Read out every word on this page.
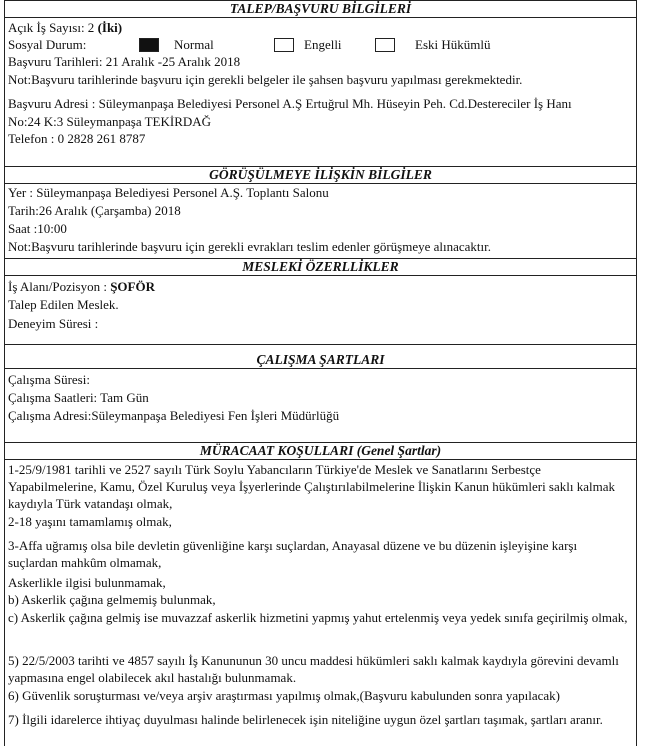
TALEP/BAŞVURU BİLGİLERİ
Açık İş Sayısı: 2 (İki)
Sosyal Durum:	Normal	Engelli	Eski Hükümlü
Başvuru Tarihleri: 21 Aralık -25 Aralık 2018
Not:Başvuru tarihlerinde başvuru için gerekli belgeler ile şahsen başvuru yapılması gerekmektedir.
Başvuru Adresi : Süleymanpaşa Belediyesi Personel A.Ş Ertuğrul Mh. Hüseyin Peh. Cd.Destereciler İş Hanı
No:24 K:3 Süleymanpaşa TEKİRDAĞ
Telefon : 0 2828 261 8787
GÖRÜŞÜLMEYE İLİŞKİN BİLGİLER
Yer : Süleymanpaşa Belediyesi Personel A.Ş. Toplantı Salonu
Tarih:26 Aralık (Çarşamba) 2018
Saat :10:00
Not:Başvuru tarihlerinde başvuru için gerekli evrakları teslim edenler görüşmeye alınacaktır.
MESLEKİ ÖZERLLİKLER
İş Alanı/Pozisyon : ŞOFÖR
Talep Edilen Meslek.
Deneyim Süresi :
ÇALIŞMA ŞARTLARI
Çalışma Süresi:
Çalışma Saatleri: Tam Gün
Çalışma Adresi:Süleymanpaşa Belediyesi Fen İşleri Müdürlüğü
MÜRACAAT KOŞULLARI (Genel Şartlar)
1-25/9/1981 tarihli ve 2527 sayılı Türk Soylu Yabancıların Türkiye'de Meslek ve Sanatlarını Serbestçe Yapabilmelerine, Kamu, Özel Kuruluş veya İşyerlerinde Çalıştırılabilmelerine İlişkin Kanun hükümleri saklı kalmak kaydıyla Türk vatandaşı olmak,
2-18 yaşını tamamlamış olmak,
3-Affa uğramış olsa bile devletin güvenliğine karşı suçlardan, Anayasal düzene ve bu düzenin işleyişine karşı suçlardan mahkûm olmamak,
Askerlikle ilgisi bulunmamak,
b) Askerlik çağına gelmemiş bulunmak,
c) Askerlik çağına gelmiş ise muvazzaf askerlik hizmetini yapmış yahut ertelenmiş veya yedek sınıfa geçirilmiş olmak,
5) 22/5/2003 tarihti ve 4857 sayılı İş Kanununun 30 uncu maddesi hükümleri saklı kalmak kaydıyla görevini devamlı yapmasına engel olabilecek akıl hastalığı bulunmamak.
6) Güvenlik soruşturması ve/veya arşiv araştırması yapılmış olmak,(Başvuru kabulunden sonra yapılacak)
7) İlgili idarelerce ihtiyaç duyulması halinde belirlenecek işin niteliğine uygun özel şartları taşımak, şartları aranır.
